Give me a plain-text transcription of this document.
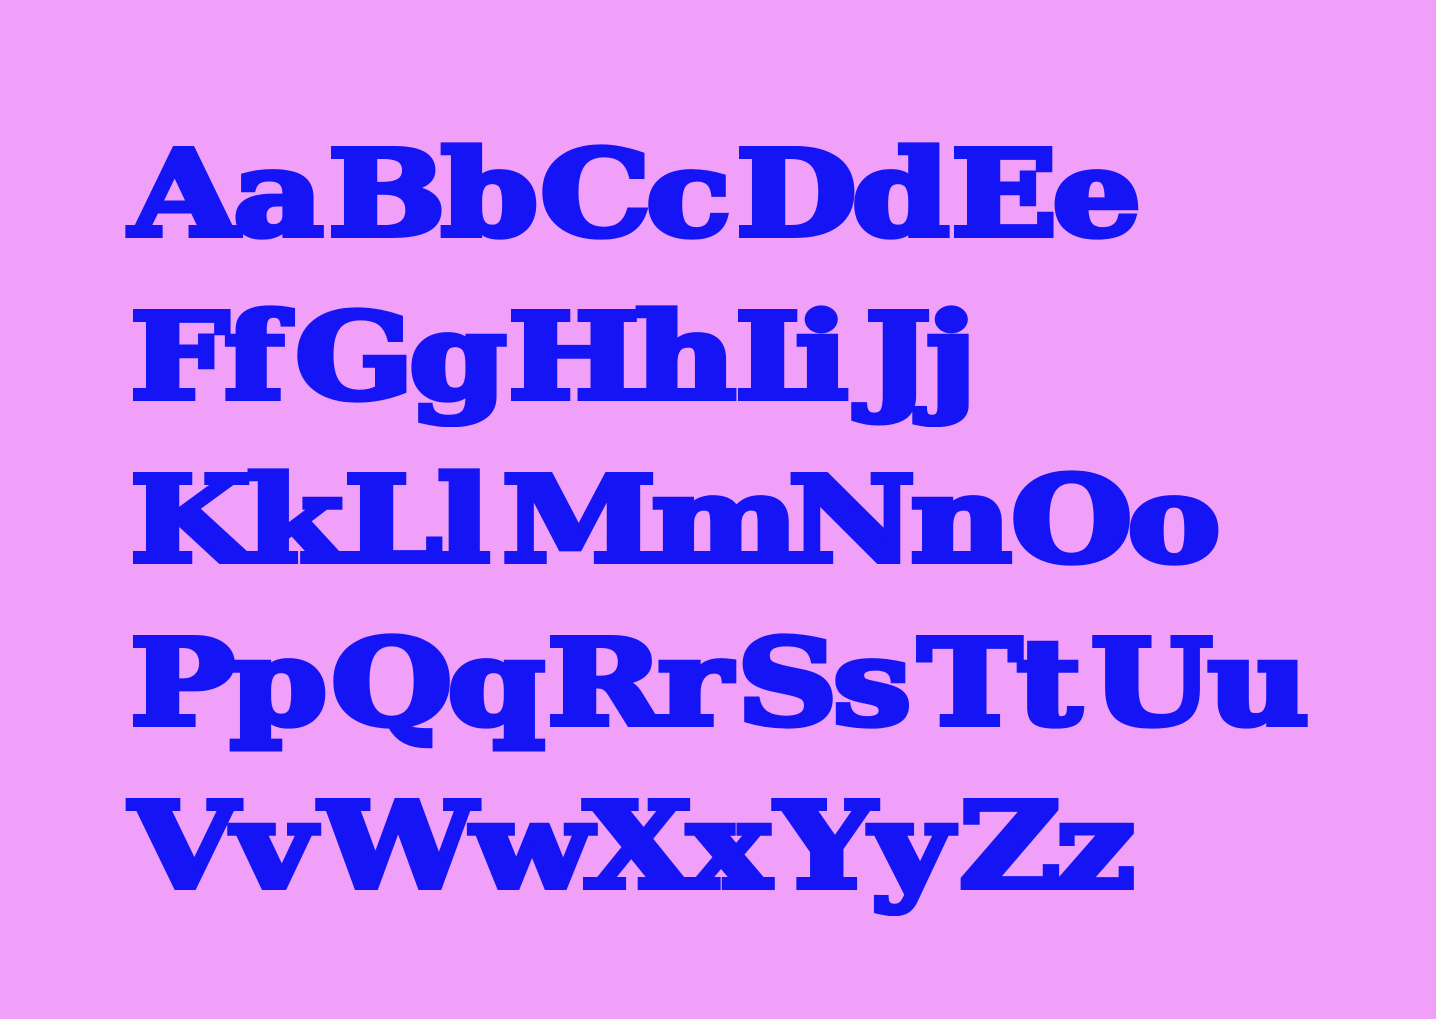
Aa Bb Cc Dd Ee
Ff Gg Hh Ii Jj
Kk Ll Mm
Nn Oo
Pp Qq Rr Ss Tt Uu
Vv Ww
Xx Yy Zz
